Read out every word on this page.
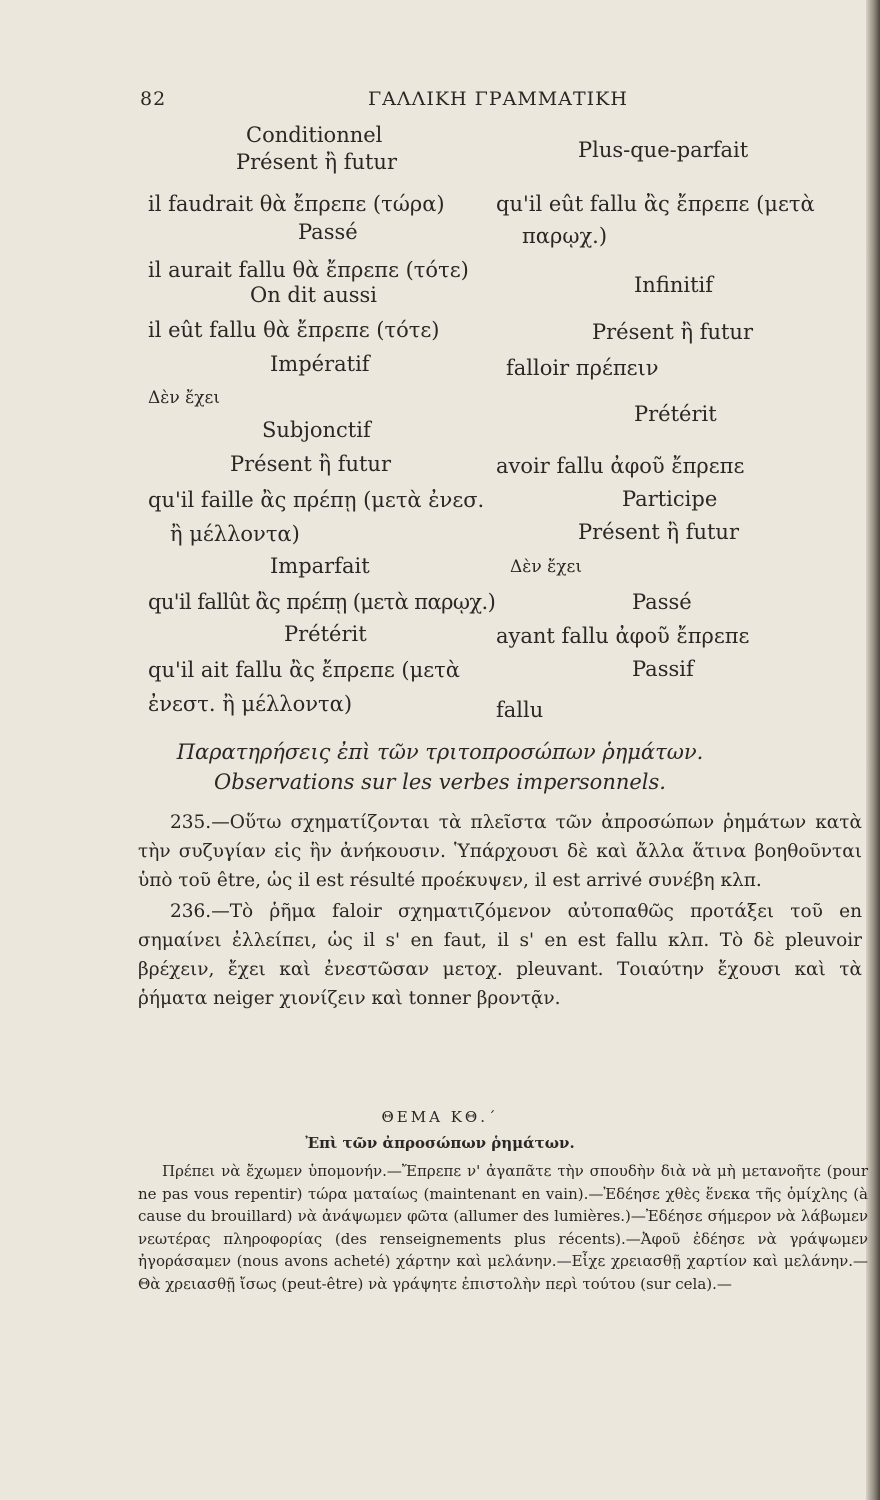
82	ΓΑΛΛΙΚΗ ΓΡΑΜΜΑΤΙΚΗ
Conditionnel
Présent ἢ futur
il faudrait θὰ ἔπρεπε (τώρα)
Passé
il aurait fallu θὰ ἔπρεπε (τότε)
On dit aussi
il eût fallu θὰ ἔπρεπε (τότε)
Impératif
Δὲν ἔχει
Subjonctif
Présent ἢ futur
qu'il faille ἂς πρέπῃ (μετὰ ἐνεσ.
ἢ μέλλοντα)
Imparfait
qu'il fallût ἂς πρέπῃ (μετὰ παρῳχ.)
Prétérit
qu'il ait fallu ἂς ἔπρεπε (μετὰ
ἐνεστ. ἢ μέλλοντα)
Plus-que-parfait
qu'il eût fallu ἂς ἔπρεπε (μετὰ
παρῳχ.)
Infinitif
Présent ἢ futur
falloir πρέπειν
Prétérit
avoir fallu ἀφοῦ ἔπρεπε
Participe
Présent ἢ futur
Δὲν ἔχει
Passé
ayant fallu ἀφοῦ ἔπρεπε
Passif
fallu
Παρατηρήσεις ἐπὶ τῶν τριτοπροσώπων ῥημάτων.
Observations sur les verbes impersonnels.

235.—Οὕτω σχηματίζονται τὰ πλεῖστα τῶν ἀπροσώπων ῥημάτων κατὰ τὴν συζυγίαν εἰς ἣν ἀνήκουσιν. Ὑπάρχουσι δὲ καὶ ἄλλα ἅτινα βοηθοῦνται ὑπὸ τοῦ être, ὡς il est résulté προέκυψεν, il est arrivé συνέβη κλπ.

236.—Τὸ ῥῆμα faloir σχηματιζόμενον αὐτοπαθῶς προτάξει τοῦ en σημαίνει ἐλλείπει, ὡς il s' en faut, il s' en est fallu κλπ. Τὸ δὲ pleuvoir βρέχειν, ἔχει καὶ ἐνεστῶσαν μετοχ. pleuvant. Τοιαύτην ἔχουσι καὶ τὰ ῥήματα neiger χιονίζειν καὶ tonner βροντᾷν.

ΘΕΜΑ ΚΘ.΄
Ἐπὶ τῶν ἀπροσώπων ῥημάτων.

Πρέπει νὰ ἔχωμεν ὑπομονήν.—Ἔπρεπε ν' ἀγαπᾶτε τὴν σπουδὴν διὰ νὰ μὴ μετανοῆτε (pour ne pas vous repentir) τώρα ματαίως (maintenant en vain).—Ἐδέησε χθὲς ἕνεκα τῆς ὁμίχλης (à cause du brouillard) νὰ ἀνάψωμεν φῶτα (allumer des lumières.)—Ἐδέησε σήμερον νὰ λάβωμεν νεωτέρας πληροφορίας (des renseignements plus récents).—Ἀφοῦ ἐδέησε νὰ γράψωμεν ἠγοράσαμεν (nous avons acheté) χάρτην καὶ μελάνην.—Εἶχε χρειασθῇ χαρτίον καὶ μελάνην.—Θὰ χρειασθῇ ἴσως (peut-être) νὰ γράψητε ἐπιστολὴν περὶ τούτου (sur cela).—
